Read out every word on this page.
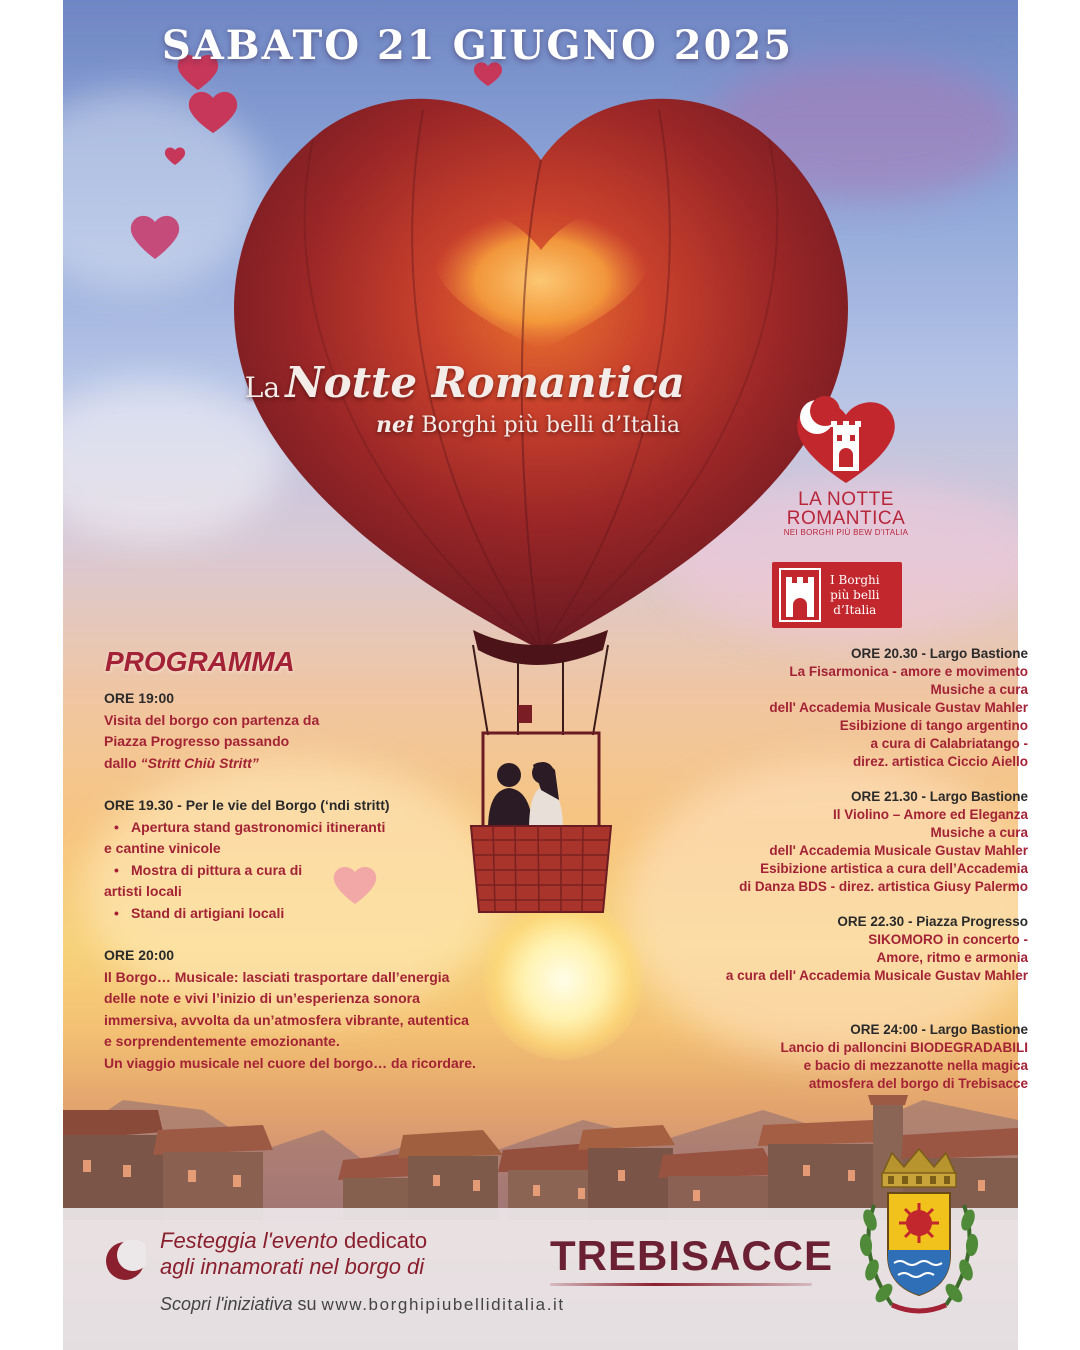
SABATO 21 GIUGNO 2025
La Notte Romantica
nei Borghi più belli d’Italia
LA NOTTE
ROMANTICA
NEI BORGHI PIÙ BEW D'ITALIA
I Borghi
più belli
d’Italia
PROGRAMMA
ORE 19:00
Visita del borgo con partenza da
Piazza Progresso passando
dallo “Stritt Chiù Stritt”
ORE 19.30 - Per le vie del Borgo (‘ndi stritt)
• Apertura stand gastronomici itineranti
e cantine vinicole
• Mostra di pittura a cura di
artisti locali
• Stand di artigiani locali
ORE 20:00
Il Borgo… Musicale: lasciati trasportare dall’energia
delle note e vivi l’inizio di un’esperienza sonora
immersiva, avvolta da un’atmosfera vibrante, autentica
e sorprendentemente emozionante.
Un viaggio musicale nel cuore del borgo… da ricordare.
ORE 20.30 - Largo Bastione
La Fisarmonica - amore e movimento
Musiche a cura
dell' Accademia Musicale Gustav Mahler
Esibizione di tango argentino
a cura di Calabriatango -
direz. artistica Ciccio Aiello
ORE 21.30 - Largo Bastione
Il Violino – Amore ed Eleganza
Musiche a cura
dell' Accademia Musicale Gustav Mahler
Esibizione artistica a cura dell’Accademia
di Danza BDS - direz. artistica Giusy Palermo
ORE 22.30 - Piazza Progresso
SIKOMORO in concerto -
Amore, ritmo e armonia
a cura dell' Accademia Musicale Gustav Mahler
ORE 24:00 - Largo Bastione
Lancio di palloncini BIODEGRADABILI
e bacio di mezzanotte nella magica
atmosfera del borgo di Trebisacce
Festeggia l'evento dedicato
agli innamorati nel borgo di
Scopri l'iniziativa su www.borghipiubelliditalia.it
TREBISACCE
